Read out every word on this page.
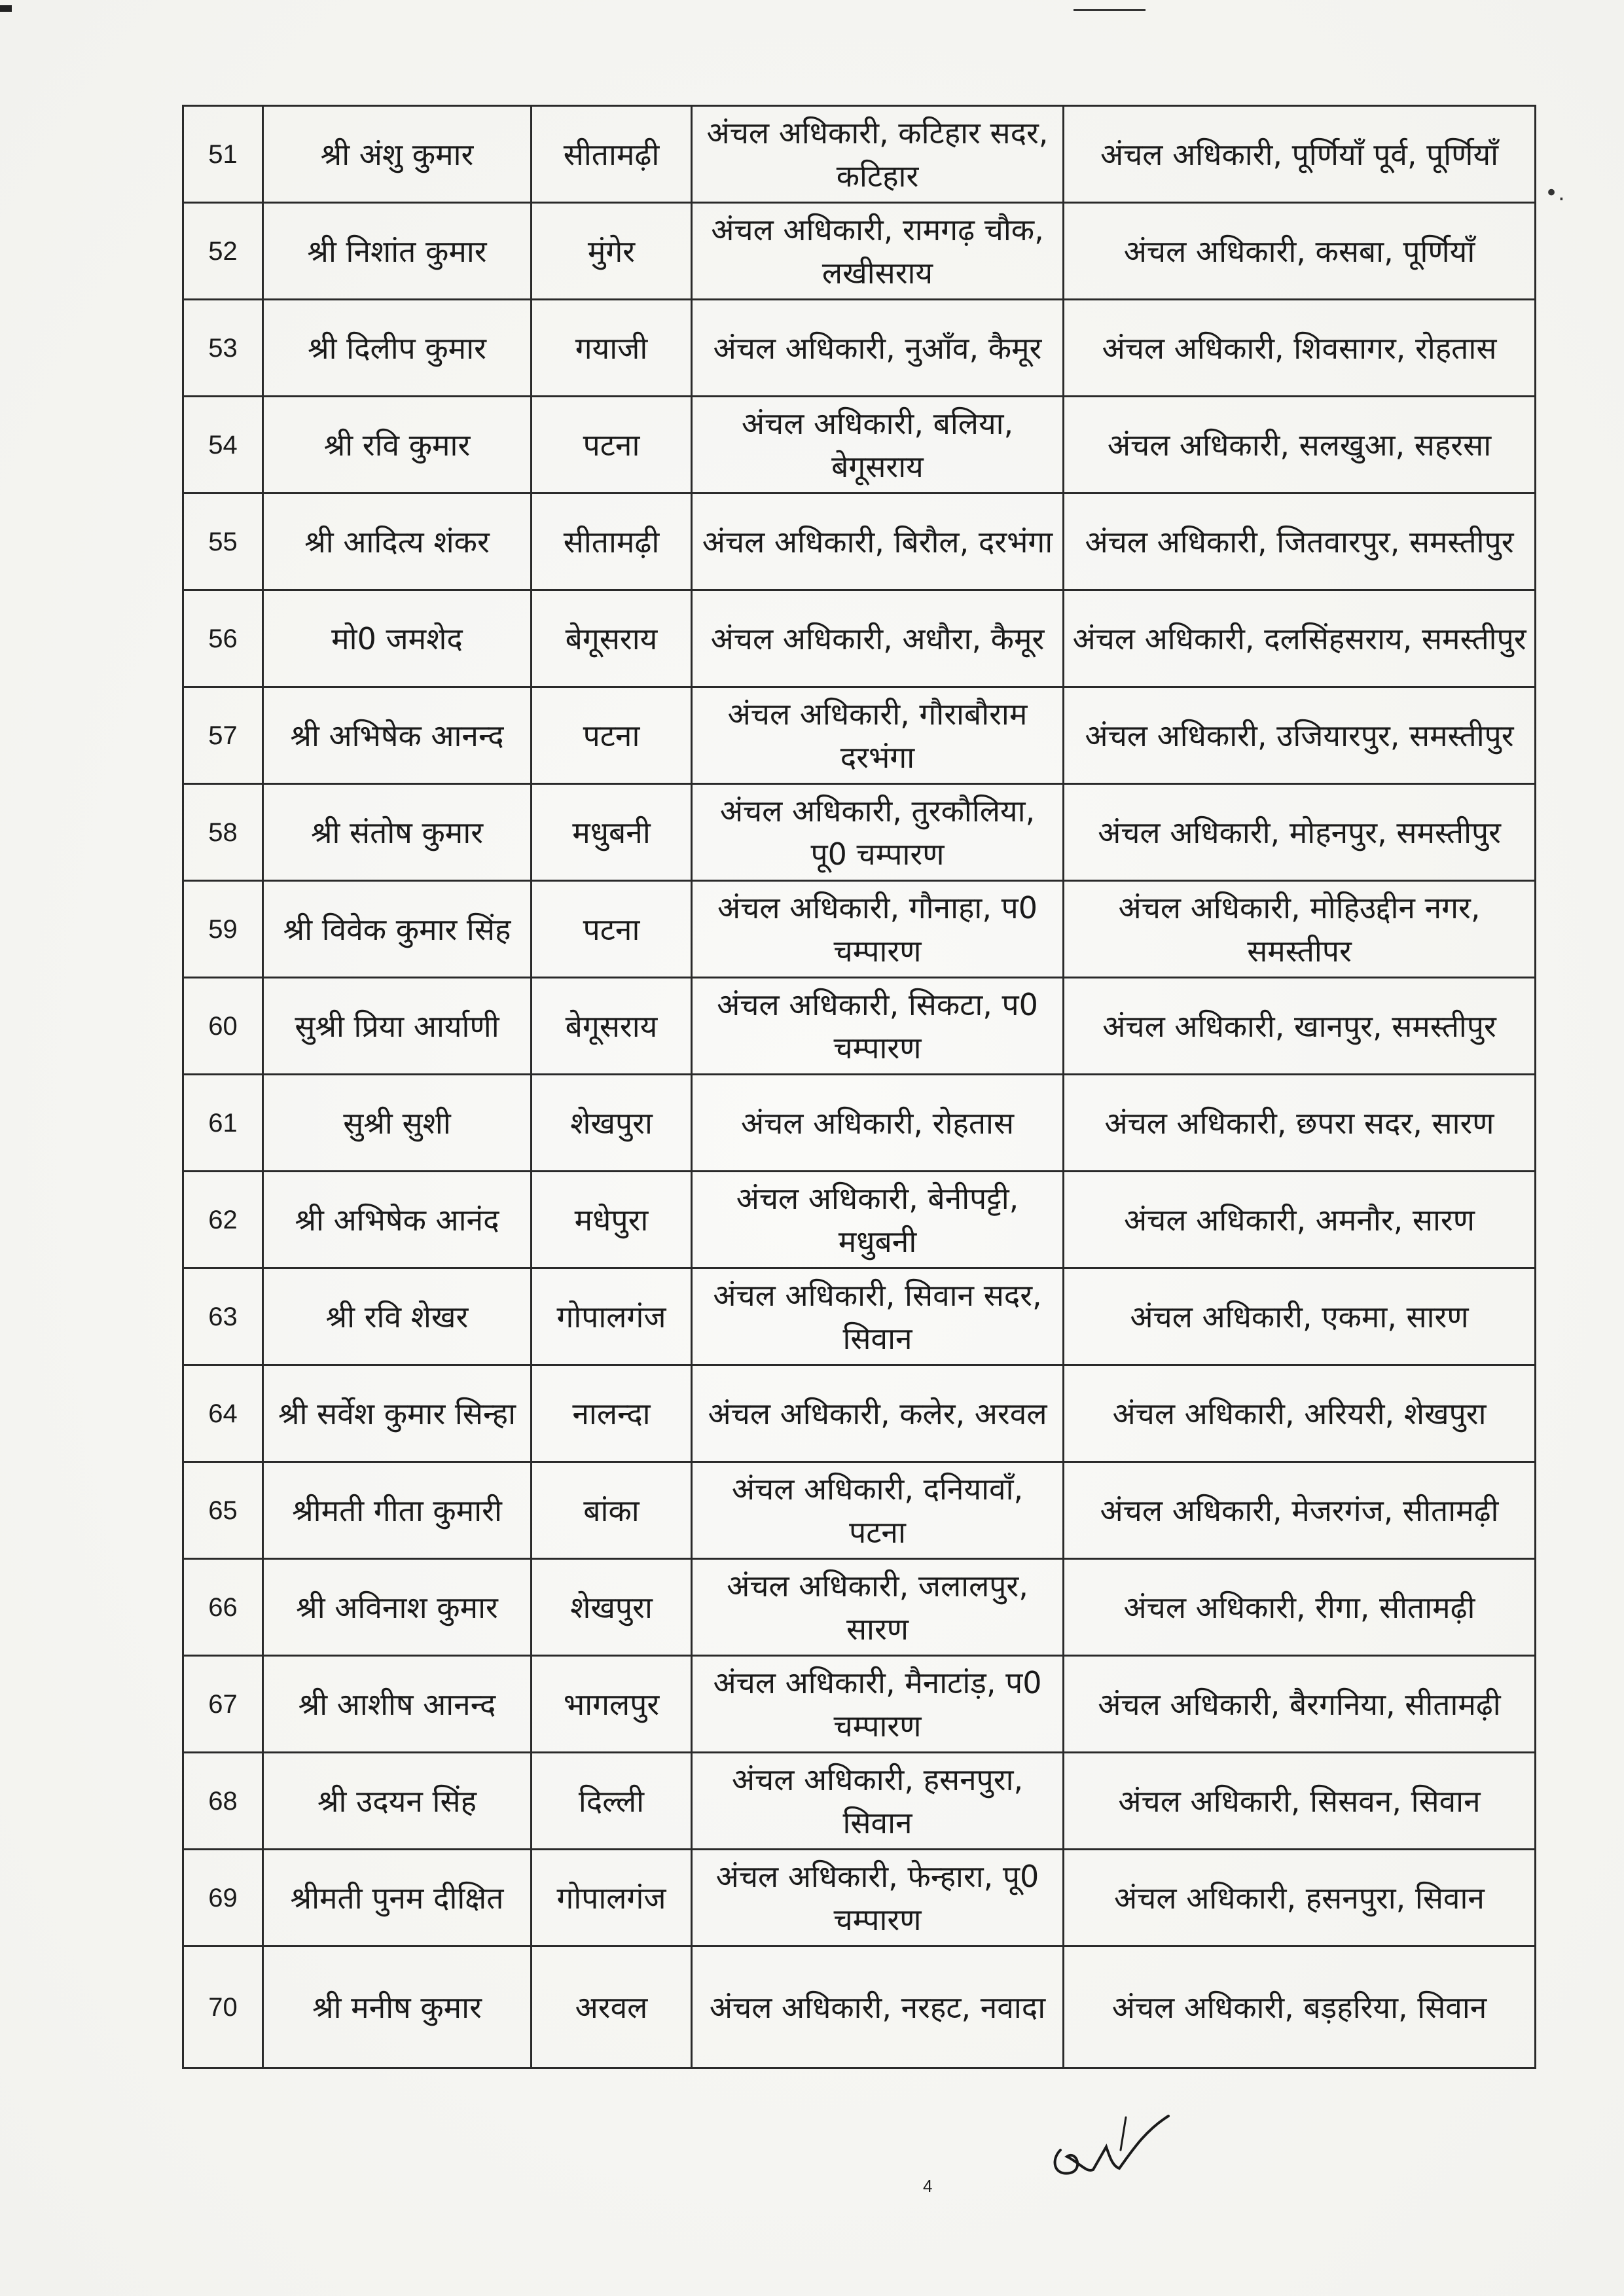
•.
51	श्री अंशु कुमार	सीतामढ़ी	अंचल अधिकारी, कटिहार सदर, कटिहार	अंचल अधिकारी, पूर्णियाँ पूर्व, पूर्णियाँ
52	श्री निशांत कुमार	मुंगेर	अंचल अधिकारी, रामगढ़ चौक, लखीसराय	अंचल अधिकारी, कसबा, पूर्णियाँ
53	श्री दिलीप कुमार	गयाजी	अंचल अधिकारी, नुआँव, कैमूर	अंचल अधिकारी, शिवसागर, रोहतास
54	श्री रवि कुमार	पटना	अंचल अधिकारी, बलिया, बेगूसराय	अंचल अधिकारी, सलखुआ, सहरसा
55	श्री आदित्य शंकर	सीतामढ़ी	अंचल अधिकारी, बिरौल, दरभंगा	अंचल अधिकारी, जितवारपुर, समस्तीपुर
56	मो0 जमशेद	बेगूसराय	अंचल अधिकारी, अधौरा, कैमूर	अंचल अधिकारी, दलसिंहसराय, समस्तीपुर
57	श्री अभिषेक आनन्द	पटना	अंचल अधिकारी, गौराबौराम दरभंगा	अंचल अधिकारी, उजियारपुर, समस्तीपुर
58	श्री संतोष कुमार	मधुबनी	अंचल अधिकारी, तुरकौलिया, पू0 चम्पारण	अंचल अधिकारी, मोहनपुर, समस्तीपुर
59	श्री विवेक कुमार सिंह	पटना	अंचल अधिकारी, गौनाहा, प0 चम्पारण	अंचल अधिकारी, मोहिउद्दीन नगर, समस्तीपर
60	सुश्री प्रिया आर्याणी	बेगूसराय	अंचल अधिकारी, सिकटा, प0 चम्पारण	अंचल अधिकारी, खानपुर, समस्तीपुर
61	सुश्री सुशी	शेखपुरा	अंचल अधिकारी, रोहतास	अंचल अधिकारी, छपरा सदर, सारण
62	श्री अभिषेक आनंद	मधेपुरा	अंचल अधिकारी, बेनीपट्टी, मधुबनी	अंचल अधिकारी, अमनौर, सारण
63	श्री रवि शेखर	गोपालगंज	अंचल अधिकारी, सिवान सदर, सिवान	अंचल अधिकारी, एकमा, सारण
64	श्री सर्वेश कुमार सिन्हा	नालन्दा	अंचल अधिकारी, कलेर, अरवल	अंचल अधिकारी, अरियरी, शेखपुरा
65	श्रीमती गीता कुमारी	बांका	अंचल अधिकारी, दनियावाँ, पटना	अंचल अधिकारी, मेजरगंज, सीतामढ़ी
66	श्री अविनाश कुमार	शेखपुरा	अंचल अधिकारी, जलालपुर, सारण	अंचल अधिकारी, रीगा, सीतामढ़ी
67	श्री आशीष आनन्द	भागलपुर	अंचल अधिकारी, मैनाटांड़, प0 चम्पारण	अंचल अधिकारी, बैरगनिया, सीतामढ़ी
68	श्री उदयन सिंह	दिल्ली	अंचल अधिकारी, हसनपुरा, सिवान	अंचल अधिकारी, सिसवन, सिवान
69	श्रीमती पुनम दीक्षित	गोपालगंज	अंचल अधिकारी, फेन्हारा, पू0 चम्पारण	अंचल अधिकारी, हसनपुरा, सिवान
70	श्री मनीष कुमार	अरवल	अंचल अधिकारी, नरहट, नवादा	अंचल अधिकारी, बड़हरिया, सिवान
4
